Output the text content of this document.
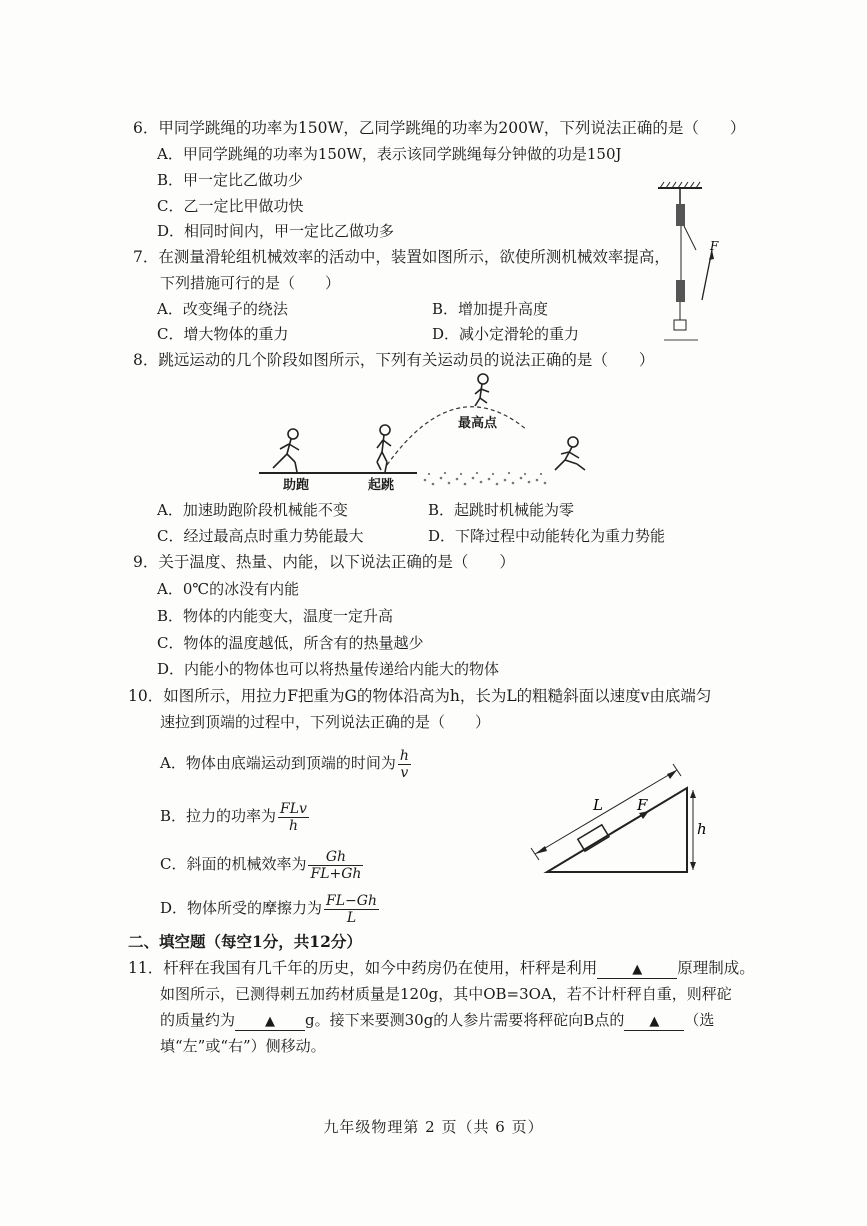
6．甲同学跳绳的功率为150W，乙同学跳绳的功率为200W，下列说法正确的是（　　）
A．甲同学跳绳的功率为150W，表示该同学跳绳每分钟做的功是150J
B．甲一定比乙做功少
C．乙一定比甲做功快
D．相同时间内，甲一定比乙做功多
7．在测量滑轮组机械效率的活动中，装置如图所示，欲使所测机械效率提高，
下列措施可行的是（　　）
A．改变绳子的绕法	B．增加提升高度
C．增大物体的重力	D．减小定滑轮的重力
F
8．跳远运动的几个阶段如图所示，下列有关运动员的说法正确的是（　　）
最高点
助跑	起跳
A．加速助跑阶段机械能不变	B．起跳时机械能为零
C．经过最高点时重力势能最大	D．下降过程中动能转化为重力势能
9．关于温度、热量、内能，以下说法正确的是（　　）
A．0℃的冰没有内能
B．物体的内能变大，温度一定升高
C．物体的温度越低，所含有的热量越少
D．内能小的物体也可以将热量传递给内能大的物体
10．如图所示，用拉力F把重为G的物体沿高为h，长为L的粗糙斜面以速度v由底端匀
速拉到顶端的过程中，下列说法正确的是（　　）
A．物体由底端运动到顶端的时间为 $\frac{h}{v}$
B．拉力的功率为 $\frac{\text{FLv}}{h}$
C．斜面的机械效率为 $\frac{Gh}{FL+Gh}$
D．物体所受的摩擦力为 $\frac{FL-Gh}{L}$
L F
h
二、填空题（每空1分，共12分）
11．杆秤在我国有几千年的历史，如今中药房仍在使用，杆秤是利用	▲ 原理制成。
如图所示，已测得刺五加药材质量是120g，其中OB=3OA，若不计杆秤自重，则秤砣
的质量约为 ▲ g。接下来要测30g的人参片需要将秤砣向B点的 ▲ （选
填“左”或“右”）侧移动。
九年级物理第 2 页（共 6 页）
